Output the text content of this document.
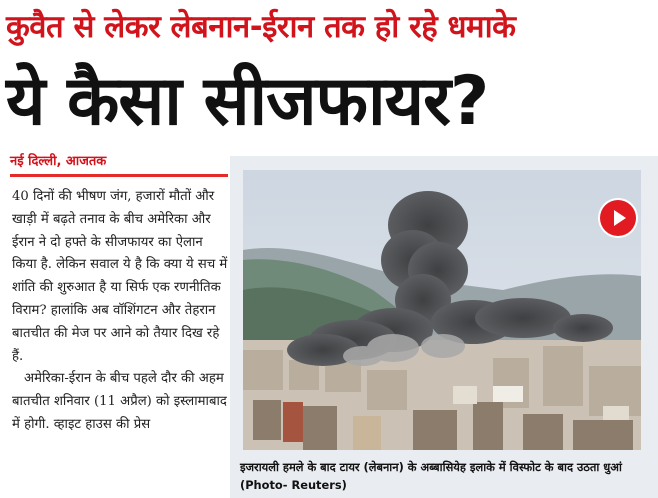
कुवैत से लेकर लेबनान-ईरान तक हो रहे धमाके
ये कैसा सीजफायर?
नई दिल्ली, आजतक

40 दिनों की भीषण जंग, हजारों मौतों और खाड़ी में बढ़ते तनाव के बीच अमेरिका और ईरान ने दो हफ्ते के सीजफायर का ऐलान किया है. लेकिन सवाल ये है कि क्या ये सच में शांति की शुरुआत है या सिर्फ एक रणनीतिक विराम? हालांकि अब वॉशिंगटन और तेहरान बातचीत की मेज पर आने को तैयार दिख रहे हैं.

अमेरिका-ईरान के बीच पहले दौर की अहम बातचीत शनिवार (11 अप्रैल) को इस्लामाबाद में होगी. व्हाइट हाउस की प्रेस

इजरायली हमले के बाद टायर (लेबनान) के अब्बासियेह इलाके में विस्फोट के बाद उठता धुआं (Photo- Reuters)
